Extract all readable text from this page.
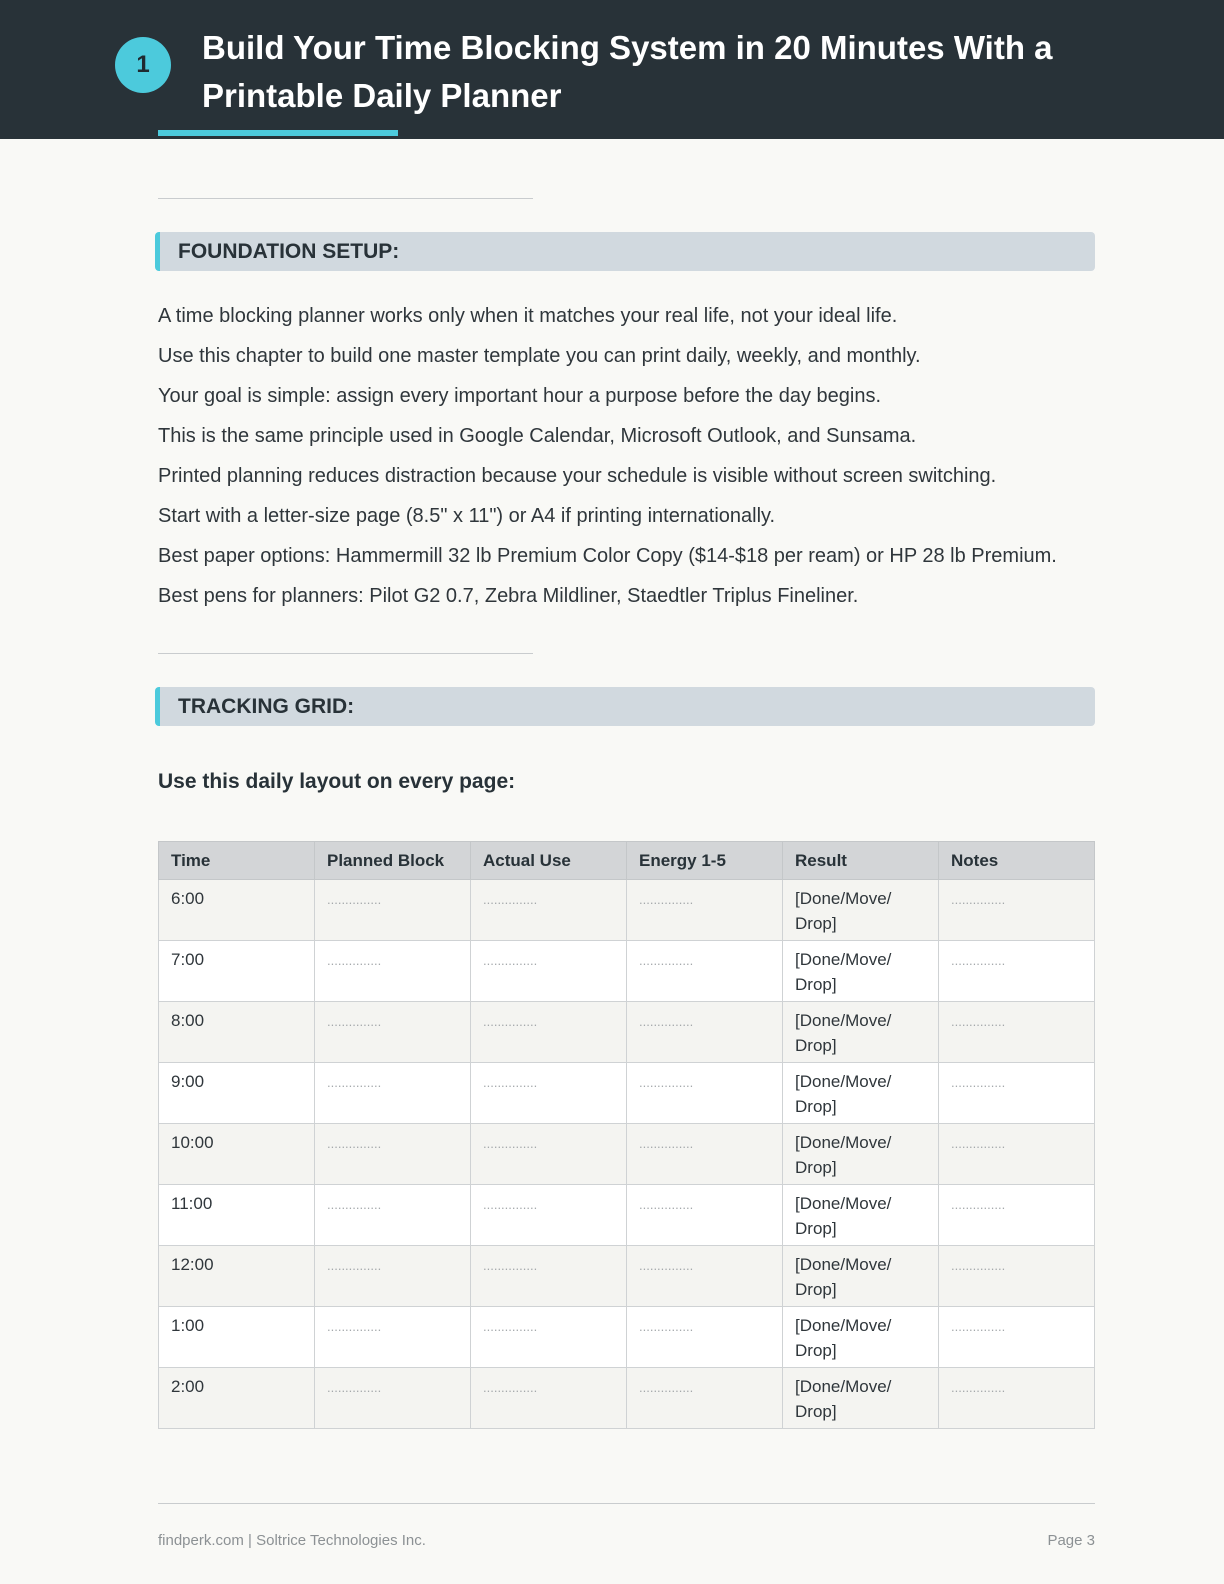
1	Build Your Time Blocking System in 20 Minutes With a Printable Daily Planner
FOUNDATION SETUP:
A time blocking planner works only when it matches your real life, not your ideal life.
Use this chapter to build one master template you can print daily, weekly, and monthly.
Your goal is simple: assign every important hour a purpose before the day begins.
This is the same principle used in Google Calendar, Microsoft Outlook, and Sunsama.
Printed planning reduces distraction because your schedule is visible without screen switching.
Start with a letter-size page (8.5" x 11") or A4 if printing internationally.
Best paper options: Hammermill 32 lb Premium Color Copy ($14-$18 per ream) or HP 28 lb Premium.
Best pens for planners: Pilot G2 0.7, Zebra Mildliner, Staedtler Triplus Fineliner.
TRACKING GRID:
Use this daily layout on every page:
Time	Planned Block	Actual Use	Energy 1-5	Result	Notes
6:00	...............	...............	...............	[Done/Move/ Drop]	...............
7:00	...............	...............	...............	[Done/Move/ Drop]	...............
8:00	...............	...............	...............	[Done/Move/ Drop]	...............
9:00	...............	...............	...............	[Done/Move/ Drop]	...............
10:00	...............	...............	...............	[Done/Move/ Drop]	...............
11:00	...............	...............	...............	[Done/Move/ Drop]	...............
12:00	...............	...............	...............	[Done/Move/ Drop]	...............
1:00	...............	...............	...............	[Done/Move/ Drop]	...............
2:00	...............	...............	...............	[Done/Move/ Drop]	...............
findperk.com | Soltrice Technologies Inc.	Page 3
